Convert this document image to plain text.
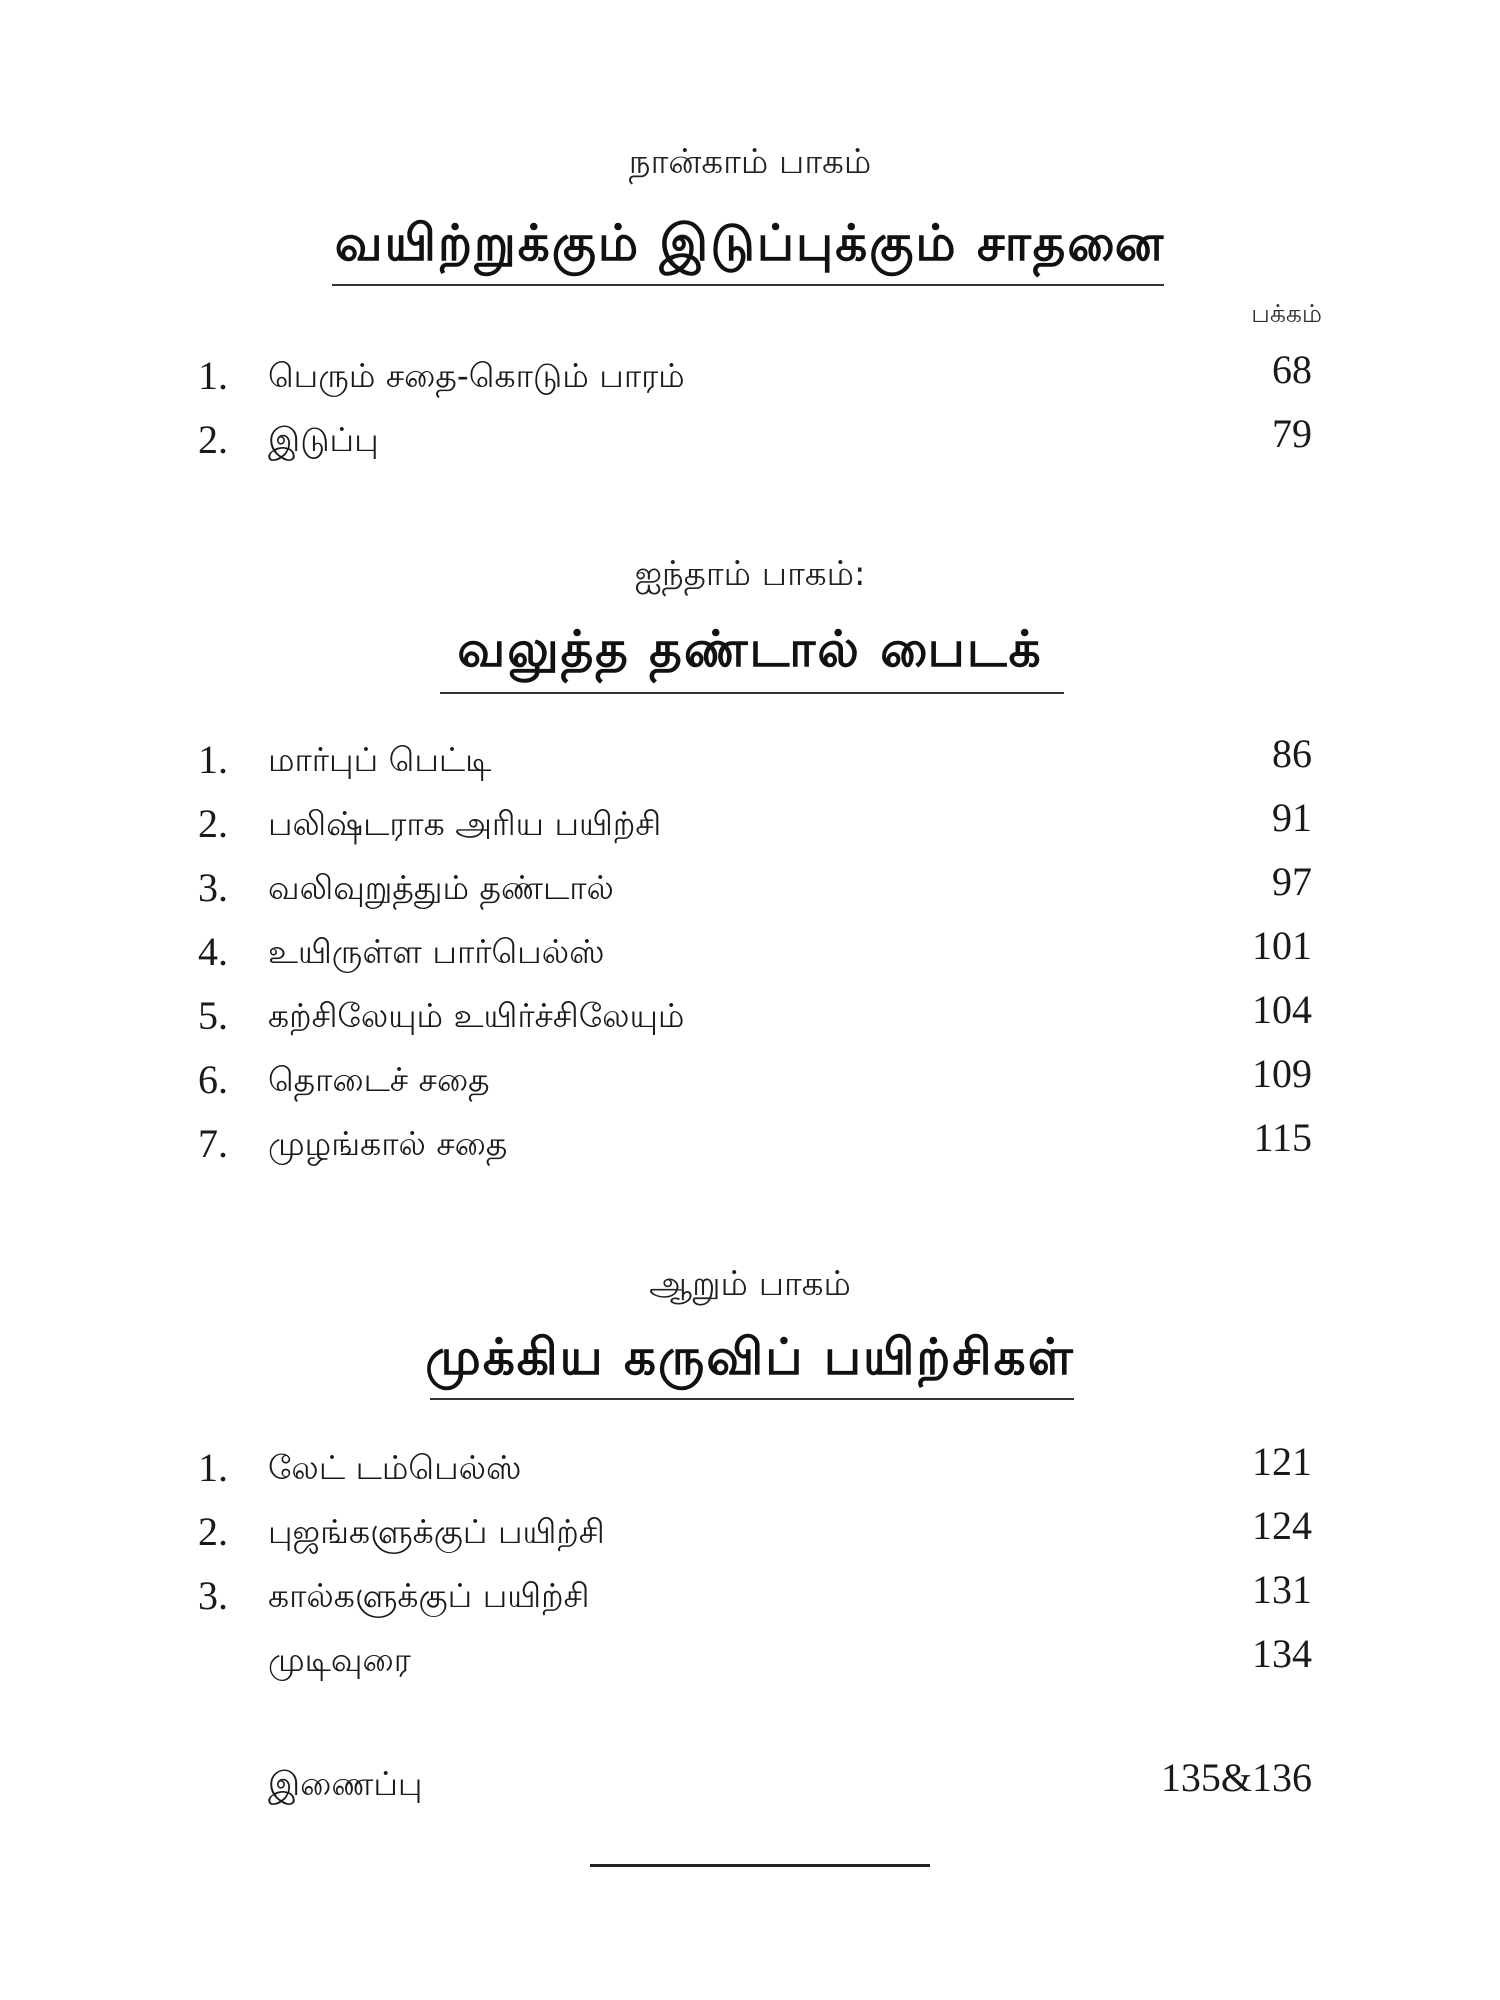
நான்காம் பாகம்
வயிற்றுக்கும் இடுப்புக்கும் சாதனை
பக்கம்
1. பெரும் சதை-கொடும் பாரம்	68
2. இடுப்பு	79
ஐந்தாம் பாகம்:
வலுத்த தண்டால் பைடக்
1. மார்புப் பெட்டி	86
2. பலிஷ்டராக அரிய பயிற்சி	91
3. வலிவுறுத்தும் தண்டால்	97
4. உயிருள்ள பார்பெல்ஸ்	101
5. கற்சிலேயும் உயிர்ச்சிலேயும்	104
6. தொடைச் சதை	109
7. முழங்கால் சதை	115
ஆறும் பாகம்
முக்கிய கருவிப் பயிற்சிகள்
1. லேட் டம்பெல்ஸ்	121
2. புஜங்களுக்குப் பயிற்சி	124
3. கால்களுக்குப் பயிற்சி	131
முடிவுரை	134
இணைப்பு	135&136
